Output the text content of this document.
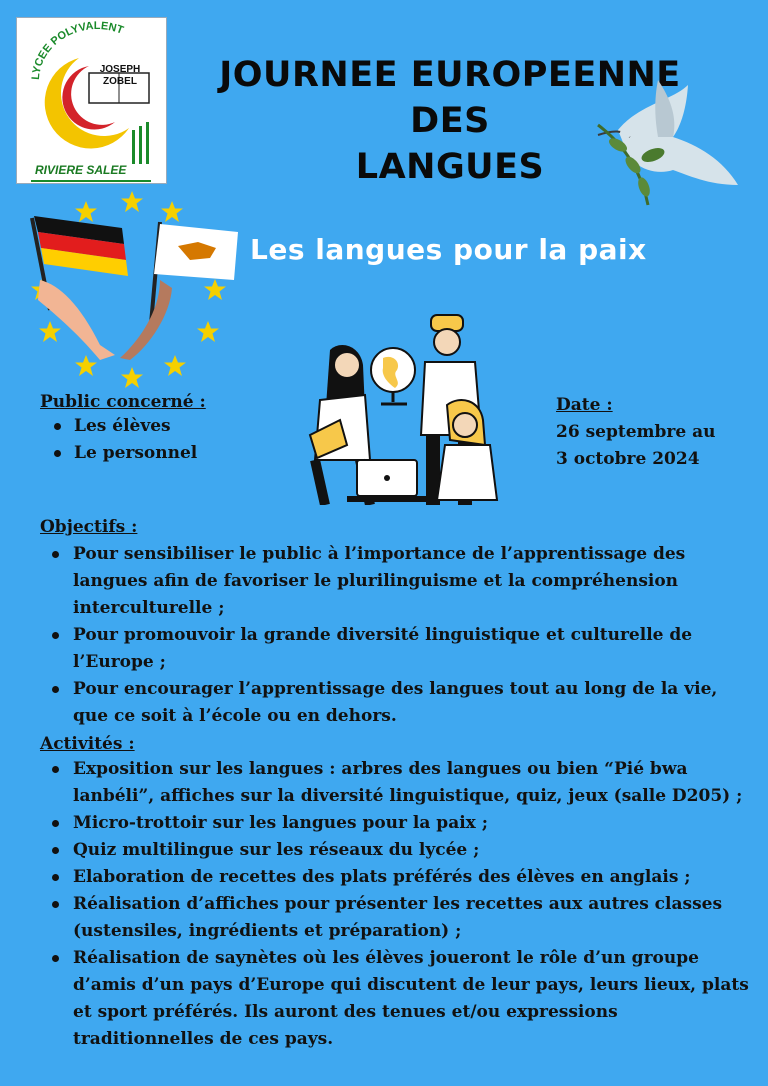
LYCEE POLYVALENT
JOSEPH
ZOBEL
RIVIERE SALEE
JOURNEE EUROPEENNE DES
LANGUES
Les langues pour la paix
Public concerné :
Les élèves
Le personnel
Date :
26 septembre au
3 octobre 2024
Objectifs :
Pour sensibiliser le public à l’importance de l’apprentissage des langues afin de favoriser le plurilinguisme et la compréhension interculturelle ;
Pour promouvoir la grande diversité linguistique et culturelle de l’Europe ;
Pour encourager l’apprentissage des langues tout au long de la vie, que ce soit à l’école ou en dehors.
Activités :
Exposition sur les langues : arbres des langues ou bien “Pié bwa lanbéli”, affiches sur la diversité linguistique, quiz, jeux (salle D205) ;
Micro-trottoir sur les langues pour la paix ;
Quiz multilingue sur les réseaux du lycée ;
Elaboration de recettes des plats préférés des élèves en anglais ;
Réalisation d’affiches pour présenter les recettes aux autres classes (ustensiles, ingrédients et préparation) ;
Réalisation de saynètes où les élèves joueront le rôle d’un groupe d’amis d’un pays d’Europe qui discutent de leur pays, leurs lieux, plats et sport préférés. Ils auront des tenues et/ou expressions traditionnelles de ces pays.
